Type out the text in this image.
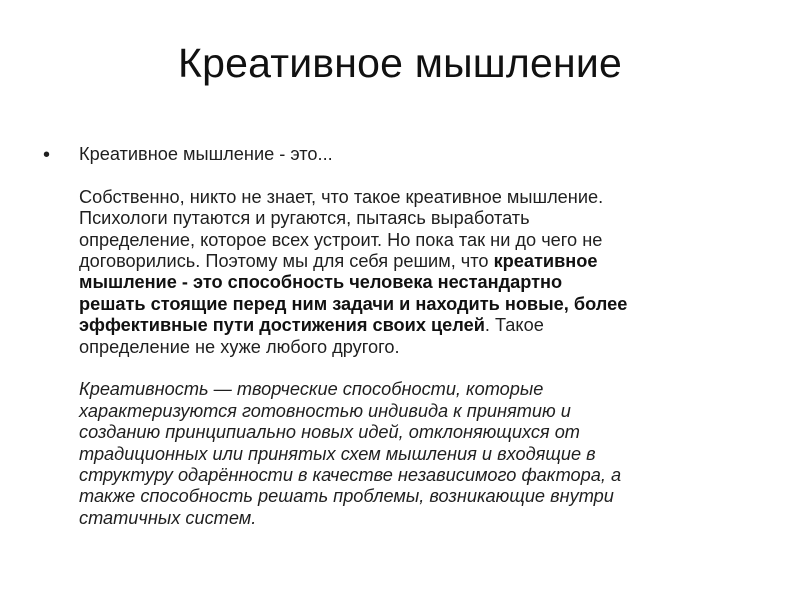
Креативное мышление
• Креативное мышление - это...
Собственно, никто не знает, что такое креативное мышление.
Психологи путаются и ругаются, пытаясь выработать
определение, которое всех устроит. Но пока так ни до чего не
договорились. Поэтому мы для себя решим, что креативное
мышление - это способность человека нестандартно
решать стоящие перед ним задачи и находить новые, более
эффективные пути достижения своих целей. Такое
определение не хуже любого другого.
Креативность — творческие способности, которые
характеризуются готовностью индивида к принятию и
созданию принципиально новых идей, отклоняющихся от
традиционных или принятых схем мышления и входящие в
структуру одарённости в качестве независимого фактора, а
также способность решать проблемы, возникающие внутри
статичных систем.
